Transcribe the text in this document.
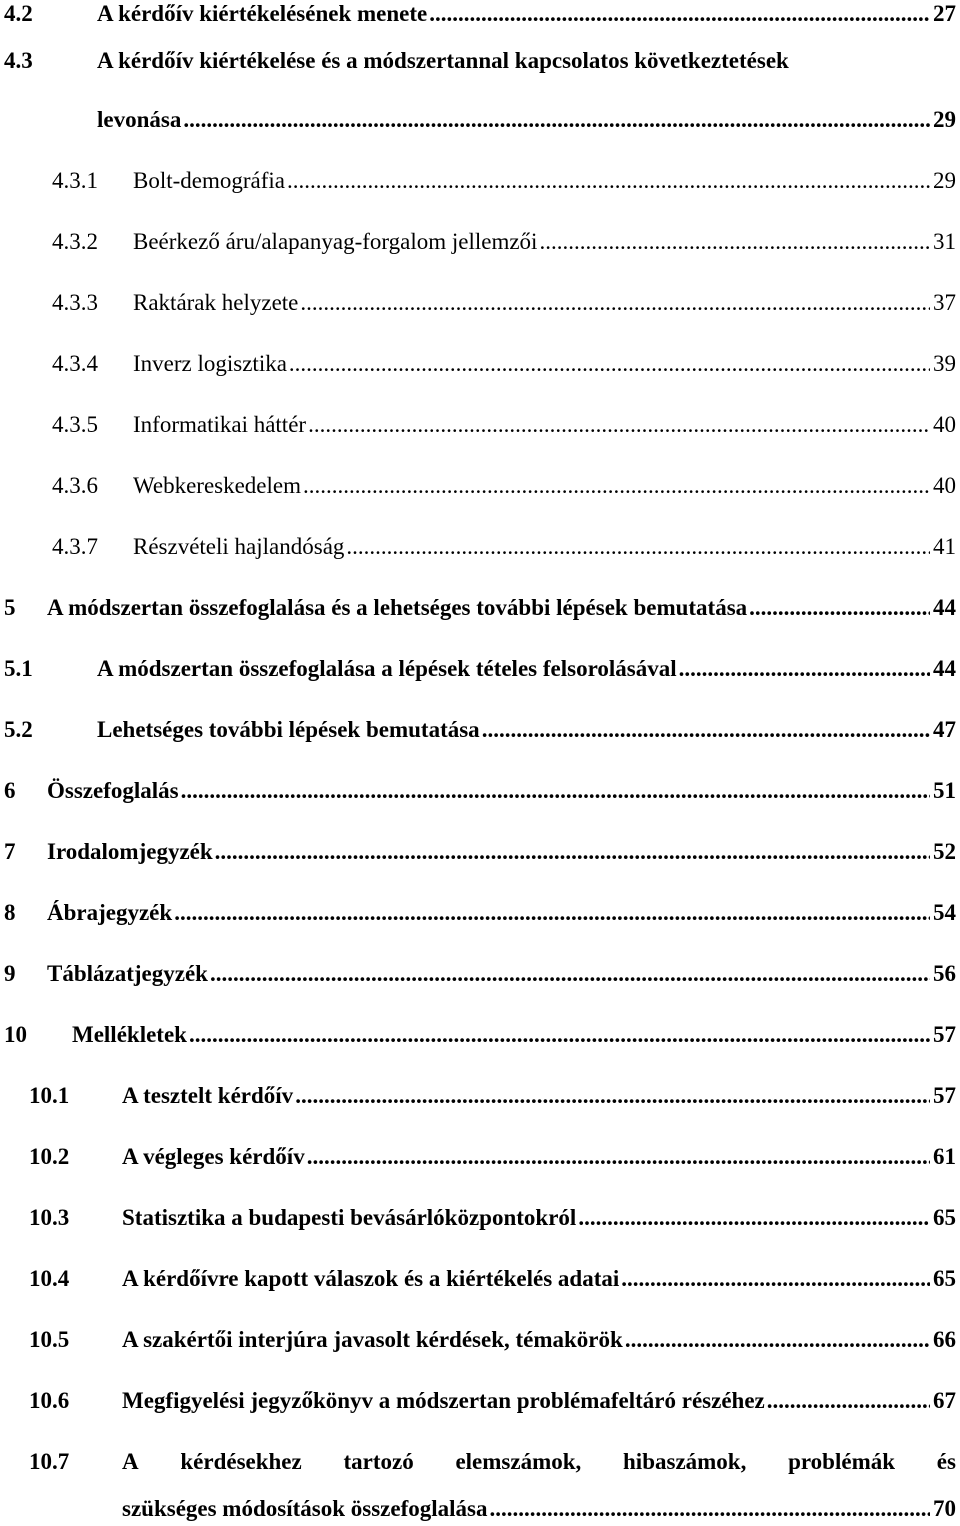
4.2	A kérdőív kiértékelésének menete .....	27
4.3	A kérdőív kiértékelése és a módszertannal kapcsolatos következtetések
levonása .....	29
4.3.1 Bolt-demográfia .....	29
4.3.2 Beérkező áru/alapanyag-forgalom jellemzői .....	31
4.3.3 Raktárak helyzete .....	37
4.3.4 Inverz logisztika .....	39
4.3.5 Informatikai háttér .....	40
4.3.6 Webkereskedelem .....	40
4.3.7 Részvételi hajlandóság .....	41
5 A módszertan összefoglalása és a lehetséges további lépések bemutatása .....	44
5.1	A módszertan összefoglalása a lépések tételes felsorolásával .....	44
5.2	Lehetséges további lépések bemutatása .....	47
6 Összefoglalás .....	51
7 Irodalomjegyzék .....	52
8 Ábrajegyzék .....	54
9 Táblázatjegyzék .....	56
10 Mellékletek .....	57
10.1 A tesztelt kérdőív .....	57
10.2 A végleges kérdőív .....	61
10.3 Statisztika a budapesti bevásárlóközpontokról .....	65
10.4 A kérdőívre kapott válaszok és a kiértékelés adatai .....	65
10.5 A szakértői interjúra javasolt kérdések, témakörök .....	66
10.6 Megfigyelési jegyzőkönyv a módszertan problémafeltáró részéhez .....	67
10.7 A kérdésekhez tartozó elemszámok, hibaszámok, problémák és
szükséges módosítások összefoglalása .....	70
